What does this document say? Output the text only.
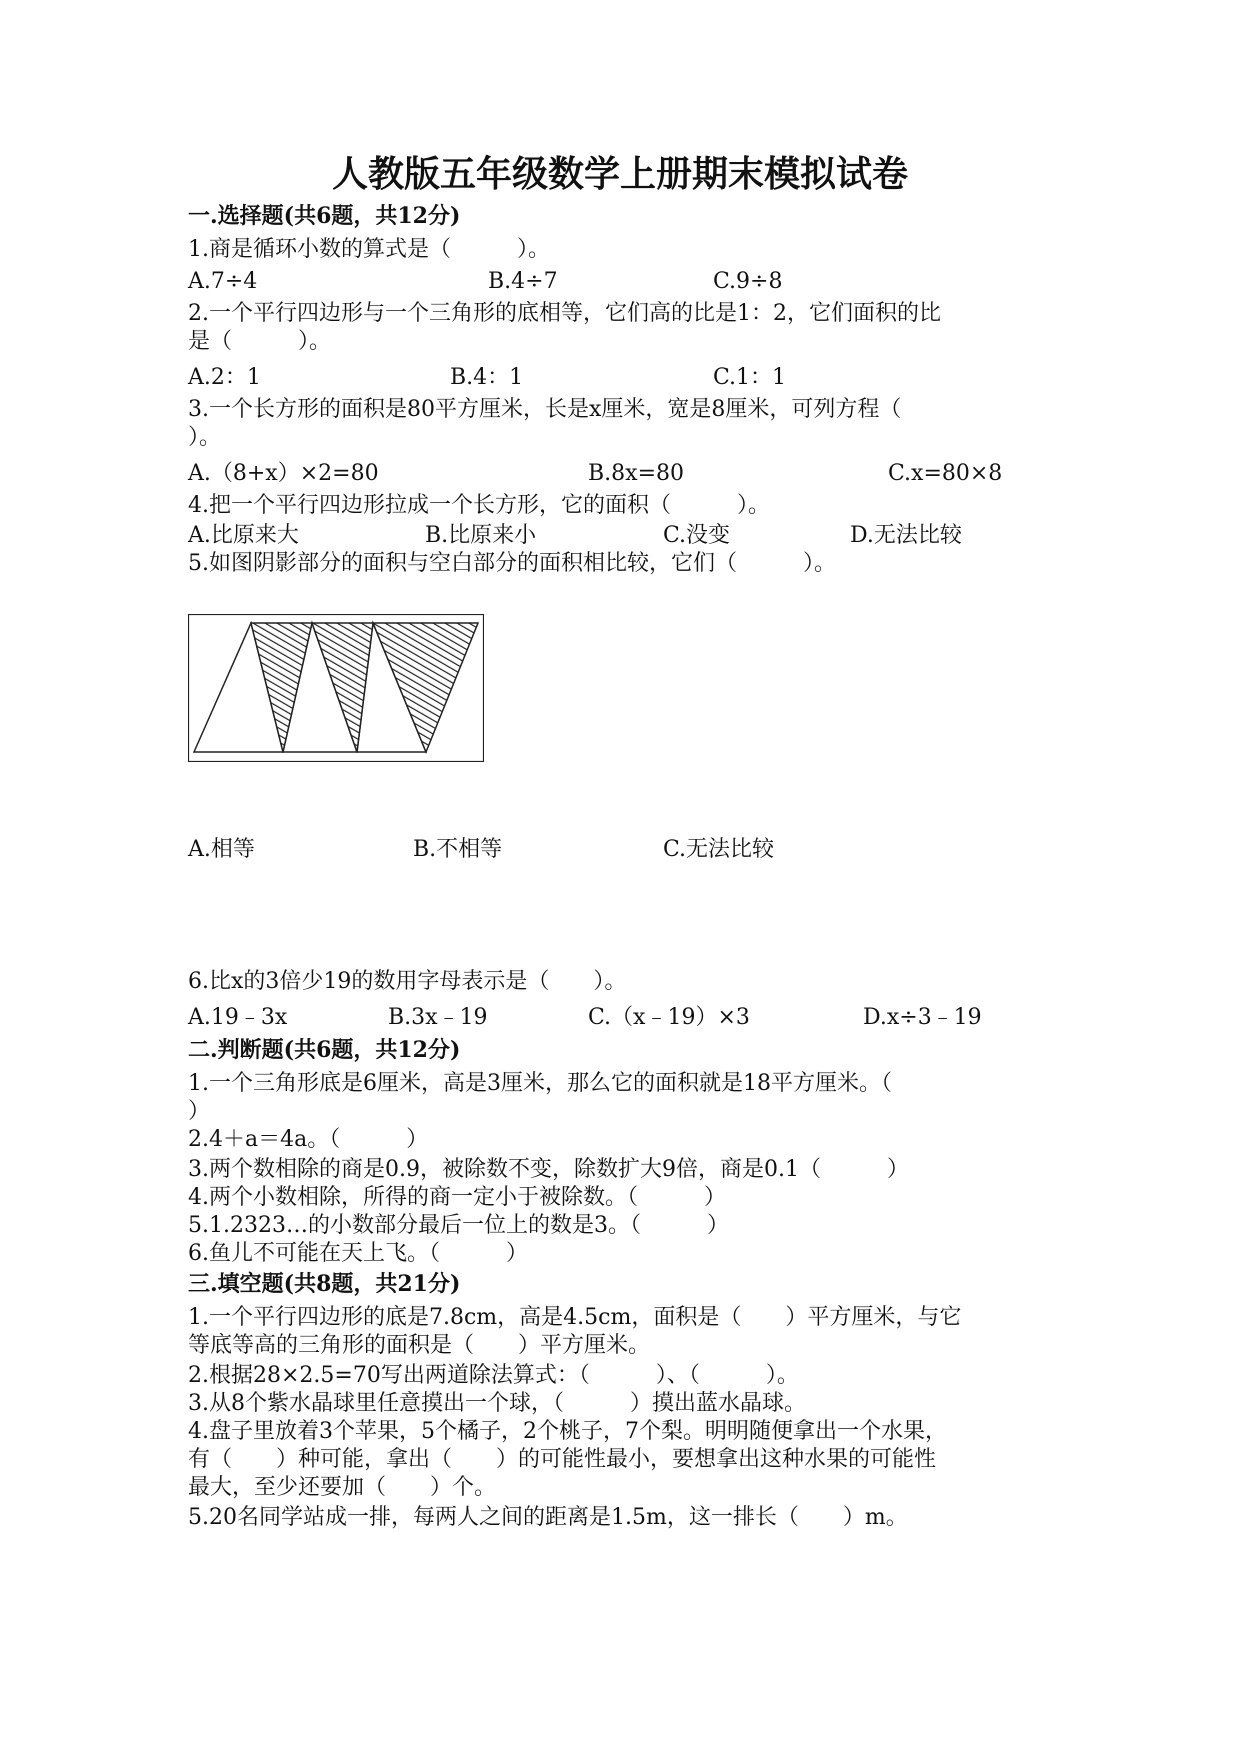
人教版五年级数学上册期末模拟试卷
一.选择题(共6题，共12分)
1.商是循环小数的算式是（　　　）。
A.7÷4	B.4÷7	C.9÷8
2.一个平行四边形与一个三角形的底相等，它们高的比是1：2，它们面积的比
是（　　　）。
A.2：1	B.4：1	C.1：1
3.一个长方形的面积是80平方厘米，长是x厘米，宽是8厘米，可列方程（
）。
A.（8+x）×2=80	B.8x=80	C.x=80×8
4.把一个平行四边形拉成一个长方形，它的面积（　　　）。
A.比原来大	B.比原来小	C.没变	D.无法比较
5.如图阴影部分的面积与空白部分的面积相比较，它们（　　　）。
A.相等	B.不相等	C.无法比较
6.比x的3倍少19的数用字母表示是（　　）。
A.19﹣3x	B.3x﹣19	C.（x﹣19）×3	D.x÷3﹣19
二.判断题(共6题，共12分)
1.一个三角形底是6厘米，高是3厘米，那么它的面积就是18平方厘米。（
）
2.4＋a＝4a。（　　　）
3.两个数相除的商是0.9，被除数不变，除数扩大9倍，商是0.1（　　　）
4.两个小数相除，所得的商一定小于被除数。（　　　）
5.1.2323…的小数部分最后一位上的数是3。（　　　）
6.鱼儿不可能在天上飞。（　　　）
三.填空题(共8题，共21分)
1.一个平行四边形的底是7.8cm，高是4.5cm，面积是（　　）平方厘米，与它
等底等高的三角形的面积是（　　）平方厘米。
2.根据28×2.5=70写出两道除法算式：（　　　）、（　　　）。
3.从8个紫水晶球里任意摸出一个球，（　　　）摸出蓝水晶球。
4.盘子里放着3个苹果，5个橘子，2个桃子，7个梨。明明随便拿出一个水果，
有（　　）种可能，拿出（　　）的可能性最小，要想拿出这种水果的可能性
最大，至少还要加（　　）个。
5.20名同学站成一排，每两人之间的距离是1.5m，这一排长（　　）m。
